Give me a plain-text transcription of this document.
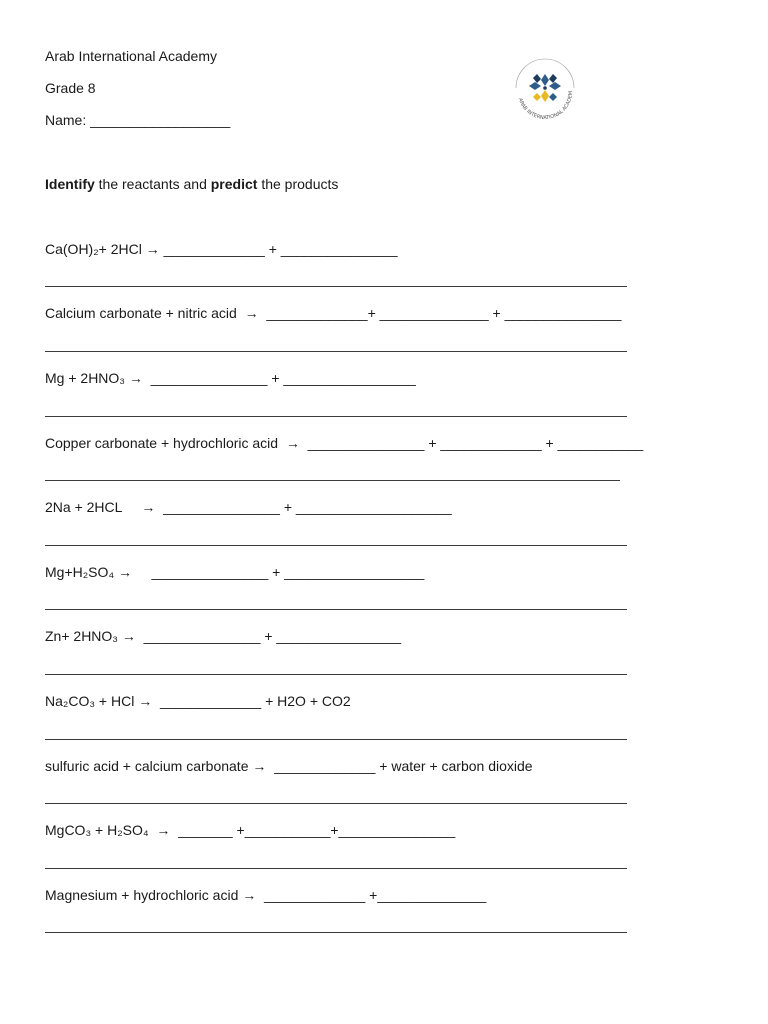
Arab International Academy
Grade 8
Name: __________________
ARAB INTERNATIONAL ACADEM
Identify the reactants and predict the products
Ca(OH)₂+ 2HCl → _____________ + _______________
Calcium carbonate + nitric acid  →  _____________+ ______________ + _______________
Mg + 2HNO₃ →  _______________ + _________________
Copper carbonate + hydrochloric acid  →  _______________ + _____________ + ___________
2Na + 2HCL     →  _______________ + ____________________
Mg+H₂SO₄ →     _______________ + __________________
Zn+ 2HNO₃ →  _______________ + ________________
Na₂CO₃ + HCl →  _____________ + H2O + CO2
sulfuric acid + calcium carbonate →  _____________ + water + carbon dioxide
MgCO₃ + H₂SO₄  →  _______ +___________+_______________
Magnesium + hydrochloric acid →  _____________ +______________
